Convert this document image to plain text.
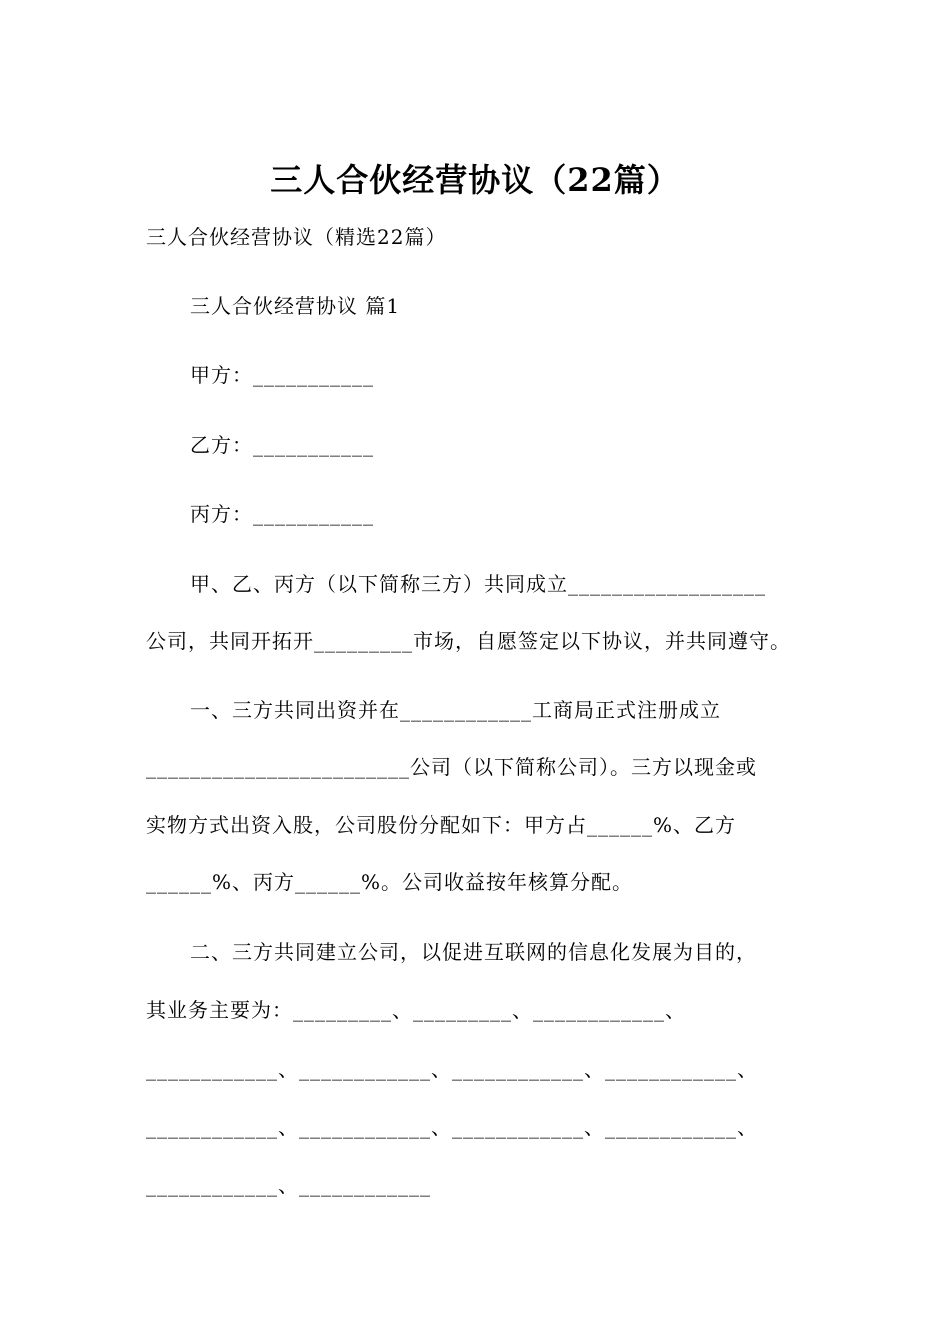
三人合伙经营协议（22篇）
三人合伙经营协议（精选22篇）
三人合伙经营协议 篇1
甲方：___________
乙方：___________
丙方：___________
甲、乙、丙方（以下简称三方）共同成立__________________
公司，共同开拓开_________市场，自愿签定以下协议，并共同遵守。
一、三方共同出资并在____________工商局正式注册成立
________________________公司（以下简称公司）。三方以现金或
实物方式出资入股，公司股份分配如下：甲方占______%、乙方
______%、丙方______%。公司收益按年核算分配。
二、三方共同建立公司，以促进互联网的信息化发展为目的，
其业务主要为：_________、_________、____________、
____________、____________、____________、____________、
____________、____________、____________、____________、
____________、____________
